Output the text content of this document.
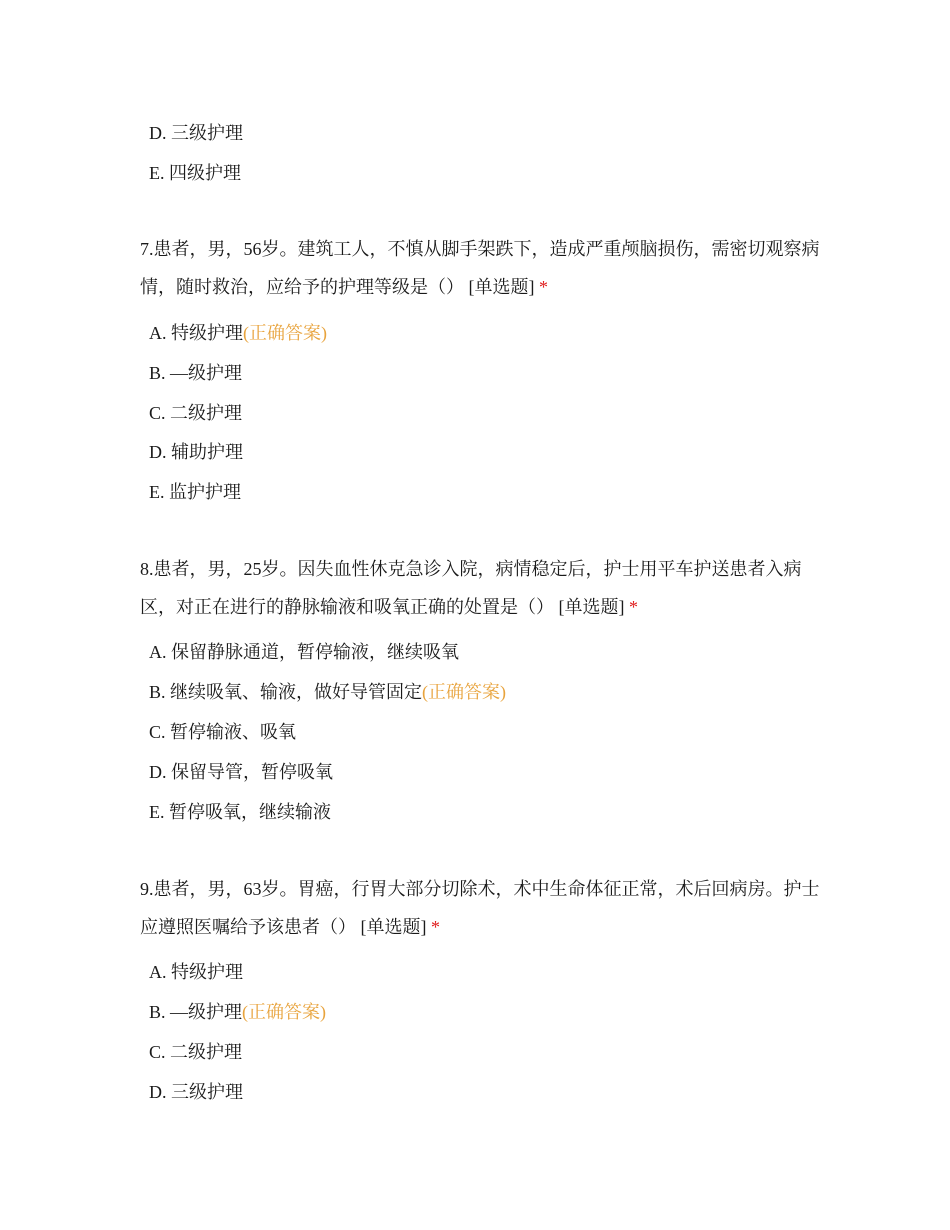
D. 三级护理
E. 四级护理
7.患者，男，56岁。建筑工人，不慎从脚手架跌下，造成严重颅脑损伤，需密切观察病情，随时救治，应给予的护理等级是（） [单选题] *
A. 特级护理(正确答案)
B. —级护理
C. 二级护理
D. 辅助护理
E. 监护护理
8.患者，男，25岁。因失血性休克急诊入院，病情稳定后，护士用平车护送患者入病区，对正在进行的静脉输液和吸氧正确的处置是（） [单选题] *
A. 保留静脉通道，暂停输液，继续吸氧
B. 继续吸氧、输液，做好导管固定(正确答案)
C. 暂停输液、吸氧
D. 保留导管，暂停吸氧
E. 暂停吸氧，继续输液
9.患者，男，63岁。胃癌，行胃大部分切除术，术中生命体征正常，术后回病房。护士应遵照医嘱给予该患者（） [单选题] *
A. 特级护理
B. —级护理(正确答案)
C. 二级护理
D. 三级护理
